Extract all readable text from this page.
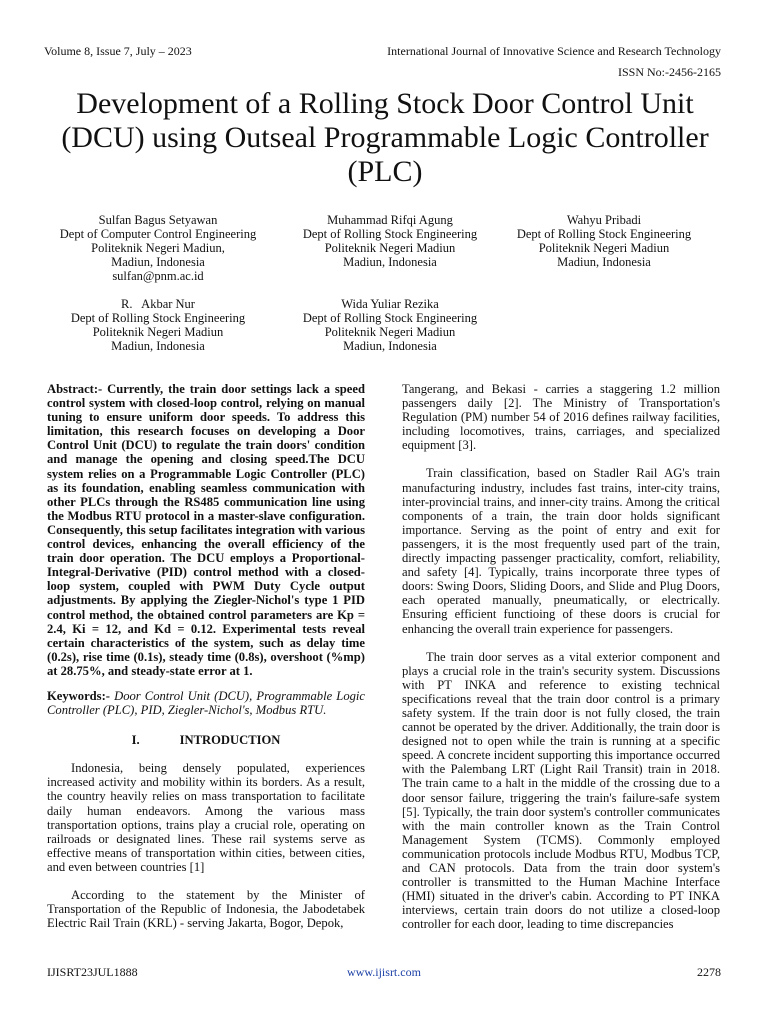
Volume 8, Issue 7, July – 2023	International Journal of Innovative Science and Research Technology
ISSN No:-2456-2165
Development of a Rolling Stock Door Control Unit (DCU) using Outseal Programmable Logic Controller (PLC)
Sulfan Bagus Setyawan
Dept of Computer Control Engineering
Politeknik Negeri Madiun,
Madiun, Indonesia
sulfan@pnm.ac.id
Muhammad Rifqi Agung
Dept of Rolling Stock Engineering
Politeknik Negeri Madiun
Madiun, Indonesia
Wahyu Pribadi
Dept of Rolling Stock Engineering
Politeknik Negeri Madiun
Madiun, Indonesia
R.   Akbar Nur
Dept of Rolling Stock Engineering
Politeknik Negeri Madiun
Madiun, Indonesia
Wida Yuliar Rezika
Dept of Rolling Stock Engineering
Politeknik Negeri Madiun
Madiun, Indonesia

Abstract:- Currently, the train door settings lack a speed control system with closed-loop control, relying on manual tuning to ensure uniform door speeds. To address this limitation, this research focuses on developing a Door Control Unit (DCU) to regulate the train doors' condition and manage the opening and closing speed.The DCU system relies on a Programmable Logic Controller (PLC) as its foundation, enabling seamless communication with other PLCs through the RS485 communication line using the Modbus RTU protocol in a master-slave configuration. Consequently, this setup facilitates integration with various control devices, enhancing the overall efficiency of the train door operation. The DCU employs a Proportional-Integral-Derivative (PID) control method with a closed-loop system, coupled with PWM Duty Cycle output adjustments. By applying the Ziegler-Nichol's type 1 PID control method, the obtained control parameters are Kp = 2.4, Ki = 12, and Kd = 0.12. Experimental tests reveal certain characteristics of the system, such as delay time (0.2s), rise time (0.1s), steady time (0.8s), overshoot (%mp) at 28.75%, and steady-state error at 1.

Keywords:- Door Control Unit (DCU), Programmable Logic Controller (PLC), PID, Ziegler-Nichol's, Modbus RTU.

I.	INTRODUCTION

Indonesia, being densely populated, experiences increased activity and mobility within its borders. As a result, the country heavily relies on mass transportation to facilitate daily human endeavors. Among the various mass transportation options, trains play a crucial role, operating on railroads or designated lines. These rail systems serve as effective means of transportation within cities, between cities, and even between countries [1]

According to the statement by the Minister of Transportation of the Republic of Indonesia, the Jabodetabek Electric Rail Train (KRL) - serving Jakarta, Bogor, Depok,

Tangerang, and Bekasi - carries a staggering 1.2 million passengers daily [2]. The Ministry of Transportation's Regulation (PM) number 54 of 2016 defines railway facilities, including locomotives, trains, carriages, and specialized equipment [3].

Train classification, based on Stadler Rail AG's train manufacturing industry, includes fast trains, inter-city trains, inter-provincial trains, and inner-city trains. Among the critical components of a train, the train door holds significant importance. Serving as the point of entry and exit for passengers, it is the most frequently used part of the train, directly impacting passenger practicality, comfort, reliability, and safety [4]. Typically, trains incorporate three types of doors: Swing Doors, Sliding Doors, and Slide and Plug Doors, each operated manually, pneumatically, or electrically. Ensuring efficient functioing of these doors is crucial for enhancing the overall train experience for passengers.

The train door serves as a vital exterior component and plays a crucial role in the train's security system. Discussions with PT INKA and reference to existing technical specifications reveal that the train door control is a primary safety system. If the train door is not fully closed, the train cannot be operated by the driver. Additionally, the train door is designed not to open while the train is running at a specific speed. A concrete incident supporting this importance occurred with the Palembang LRT (Light Rail Transit) train in 2018. The train came to a halt in the middle of the crossing due to a door sensor failure, triggering the train's failure-safe system [5]. Typically, the train door system's controller communicates with the main controller known as the Train Control Management System (TCMS). Commonly employed communication protocols include Modbus RTU, Modbus TCP, and CAN protocols. Data from the train door system's controller is transmitted to the Human Machine Interface (HMI) situated in the driver's cabin. According to PT INKA interviews, certain train doors do not utilize a closed-loop controller for each door, leading to time discrepancies

IJISRT23JUL1888	www.ijisrt.com	2278
